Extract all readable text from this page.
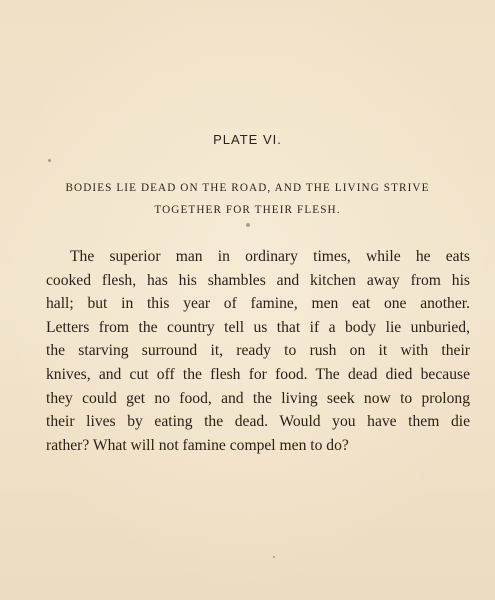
PLATE VI.
BODIES LIE DEAD ON THE ROAD, AND THE LIVING STRIVE
TOGETHER FOR THEIR FLESH.
The superior man in ordinary times, while he eats
cooked flesh, has his shambles and kitchen away from his
hall; but in this year of famine, men eat one another.
Letters from the country tell us that if a body lie unburied,
the starving surround it, ready to rush on it with their
knives, and cut off the flesh for food. The dead died because
they could get no food, and the living seek now to prolong
their lives by eating the dead. Would you have them die
rather? What will not famine compel men to do?
